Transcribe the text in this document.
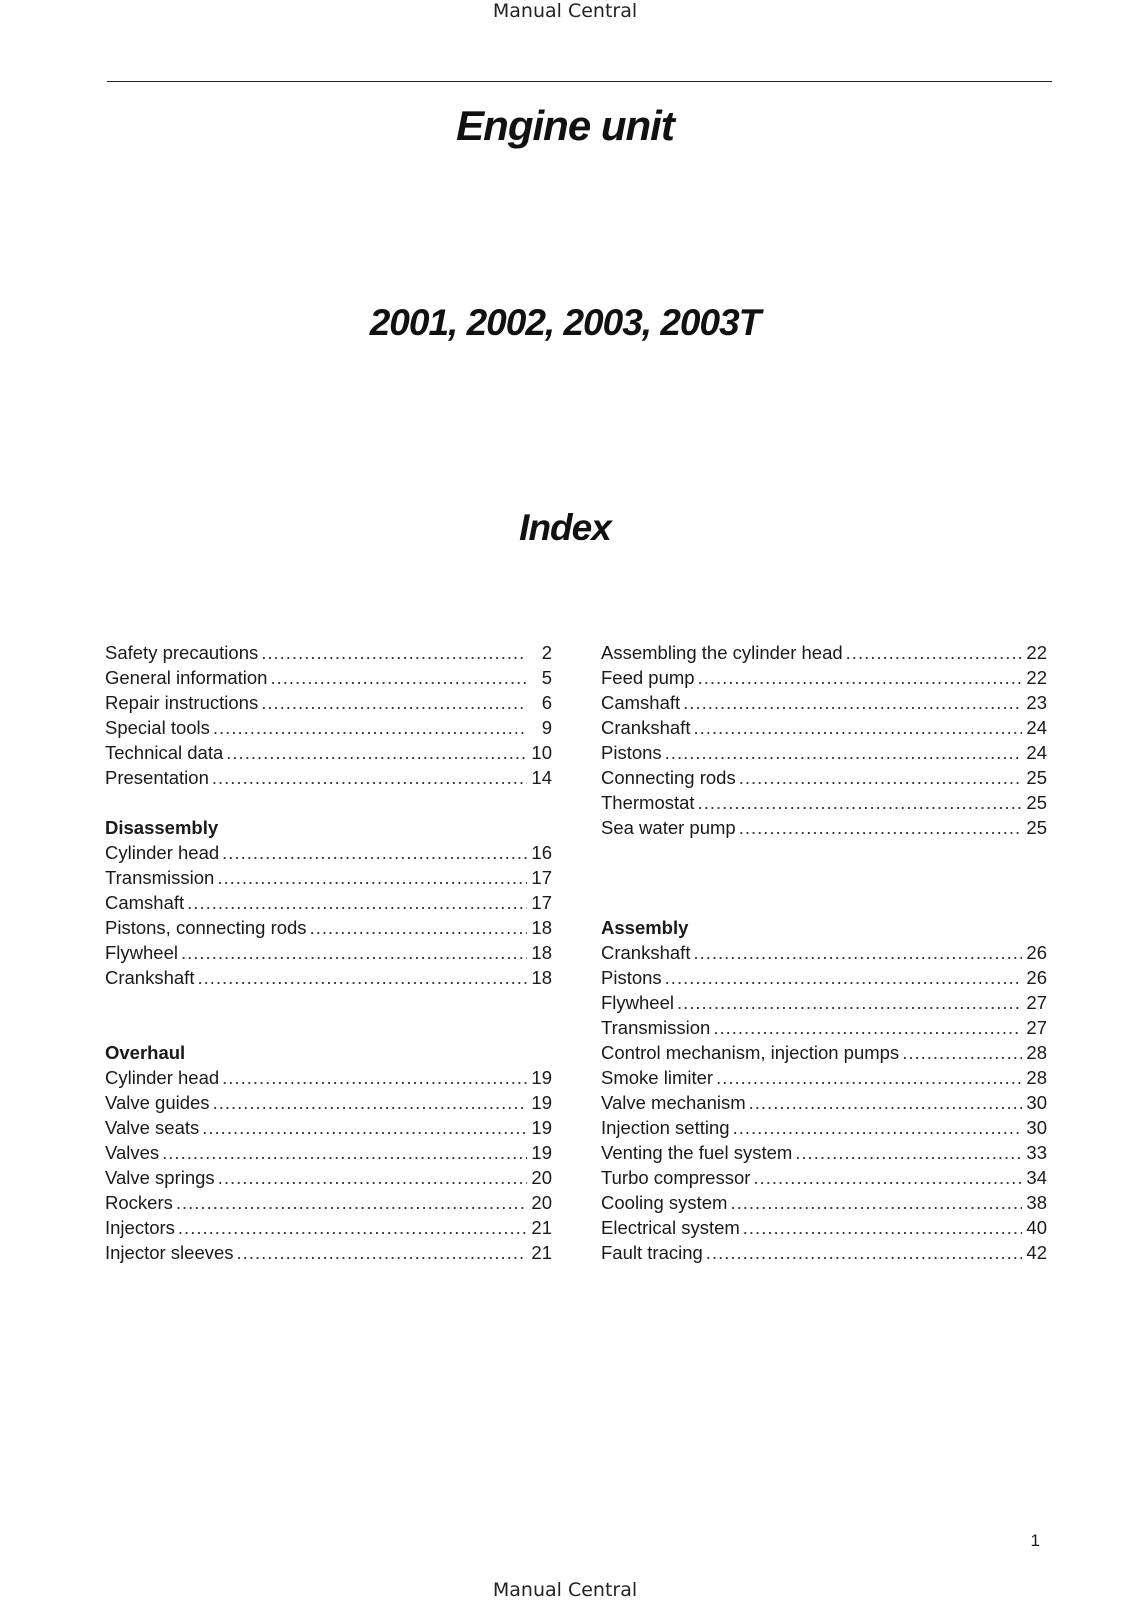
Manual Central
Engine unit
2001, 2002, 2003, 2003T
Index
Safety precautions .....	2
General information .....	5
Repair instructions .....	6
Special tools .....	9
Technical data .....	10
Presentation .....	14
Disassembly
Cylinder head .....	16
Transmission .....	17
Camshaft .....	17
Pistons, connecting rods .....	18
Flywheel .....	18
Crankshaft .....	18
Overhaul
Cylinder head .....	19
Valve guides .....	19
Valve seats .....	19
Valves .....	19
Valve springs .....	20
Rockers .....	20
Injectors .....	21
Injector sleeves .....	21
Assembling the cylinder head .....	22
Feed pump .....	22
Camshaft .....	23
Crankshaft .....	24
Pistons .....	24
Connecting rods .....	25
Thermostat .....	25
Sea water pump .....	25
Assembly
Crankshaft .....	26
Pistons .....	26
Flywheel .....	27
Transmission .....	27
Control mechanism, injection pumps .....	28
Smoke limiter .....	28
Valve mechanism .....	30
Injection setting .....	30
Venting the fuel system .....	33
Turbo compressor .....	34
Cooling system .....	38
Electrical system .....	40
Fault tracing .....	42
1
Manual Central
